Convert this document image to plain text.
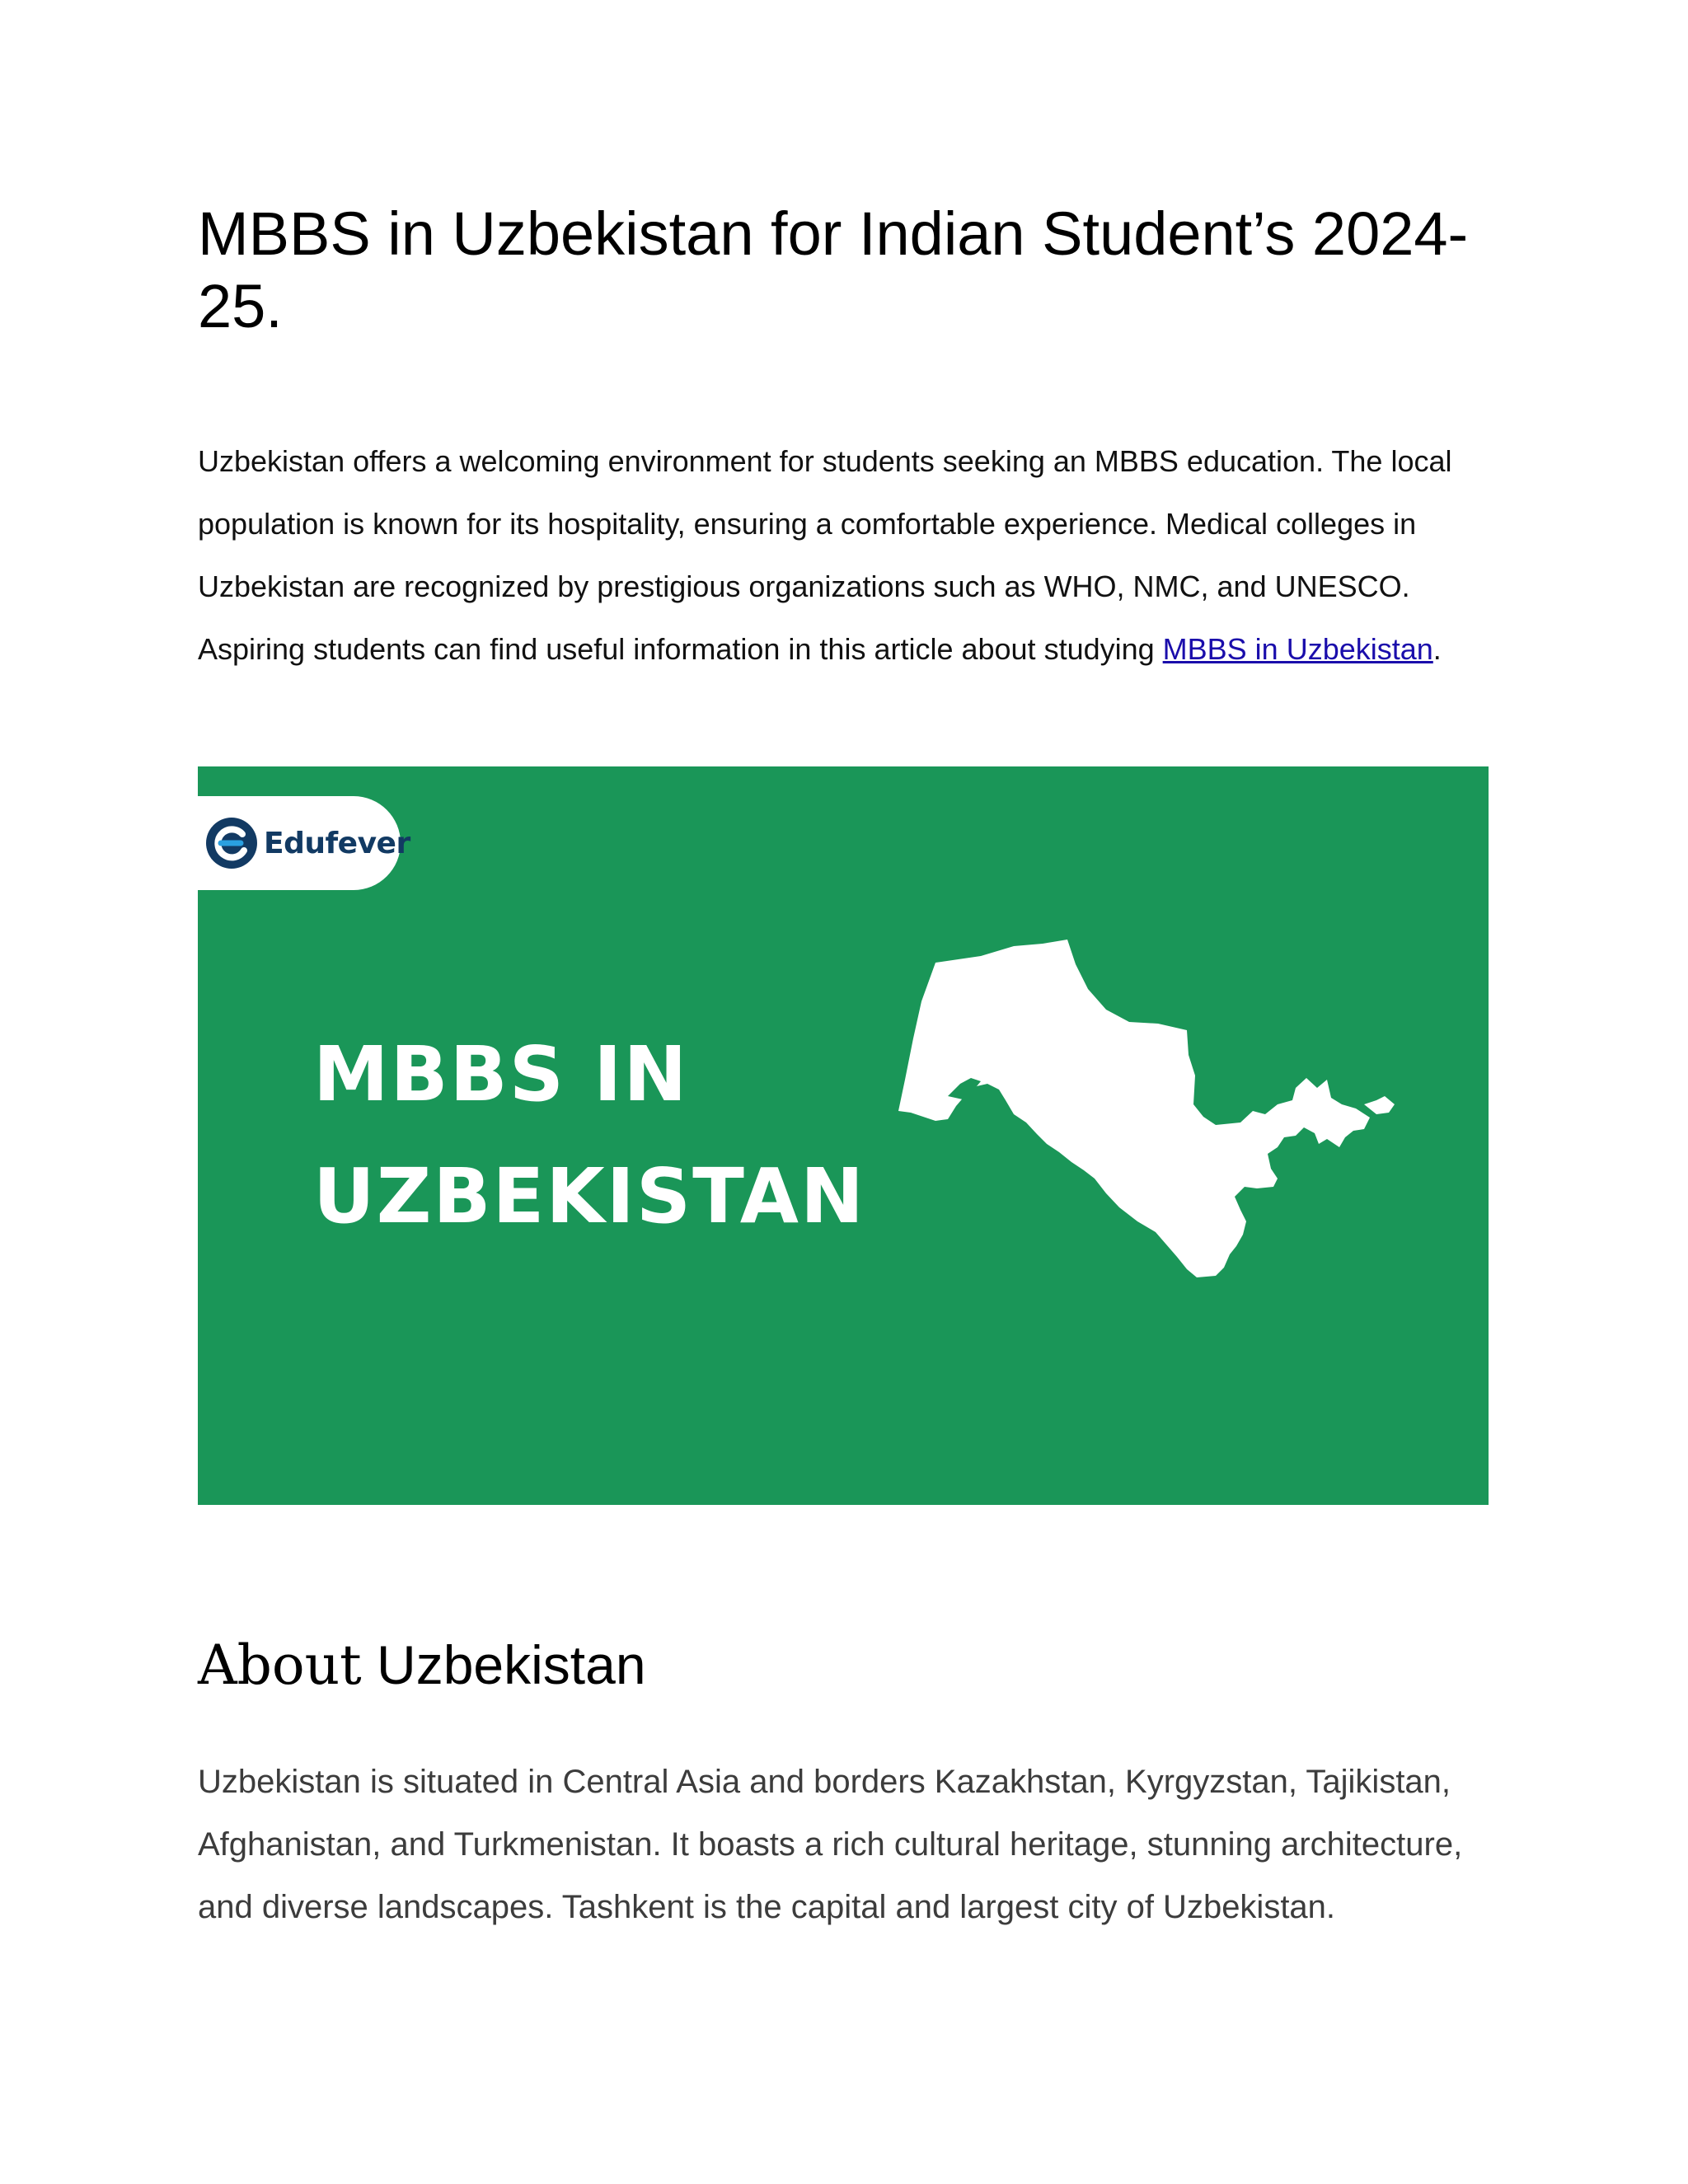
MBBS in Uzbekistan for Indian Student’s 2024-25.

Uzbekistan offers a welcoming environment for students seeking an MBBS education. The local population is known for its hospitality, ensuring a comfortable experience. Medical colleges in Uzbekistan are recognized by prestigious organizations such as WHO, NMC, and UNESCO. Aspiring students can find useful information in this article about studying MBBS in Uzbekistan.

Edufever
MBBS IN
UZBEKISTAN
About Uzbekistan

Uzbekistan is situated in Central Asia and borders Kazakhstan, Kyrgyzstan, Tajikistan, Afghanistan, and Turkmenistan. It boasts a rich cultural heritage, stunning architecture, and diverse landscapes. Tashkent is the capital and largest city of Uzbekistan.
